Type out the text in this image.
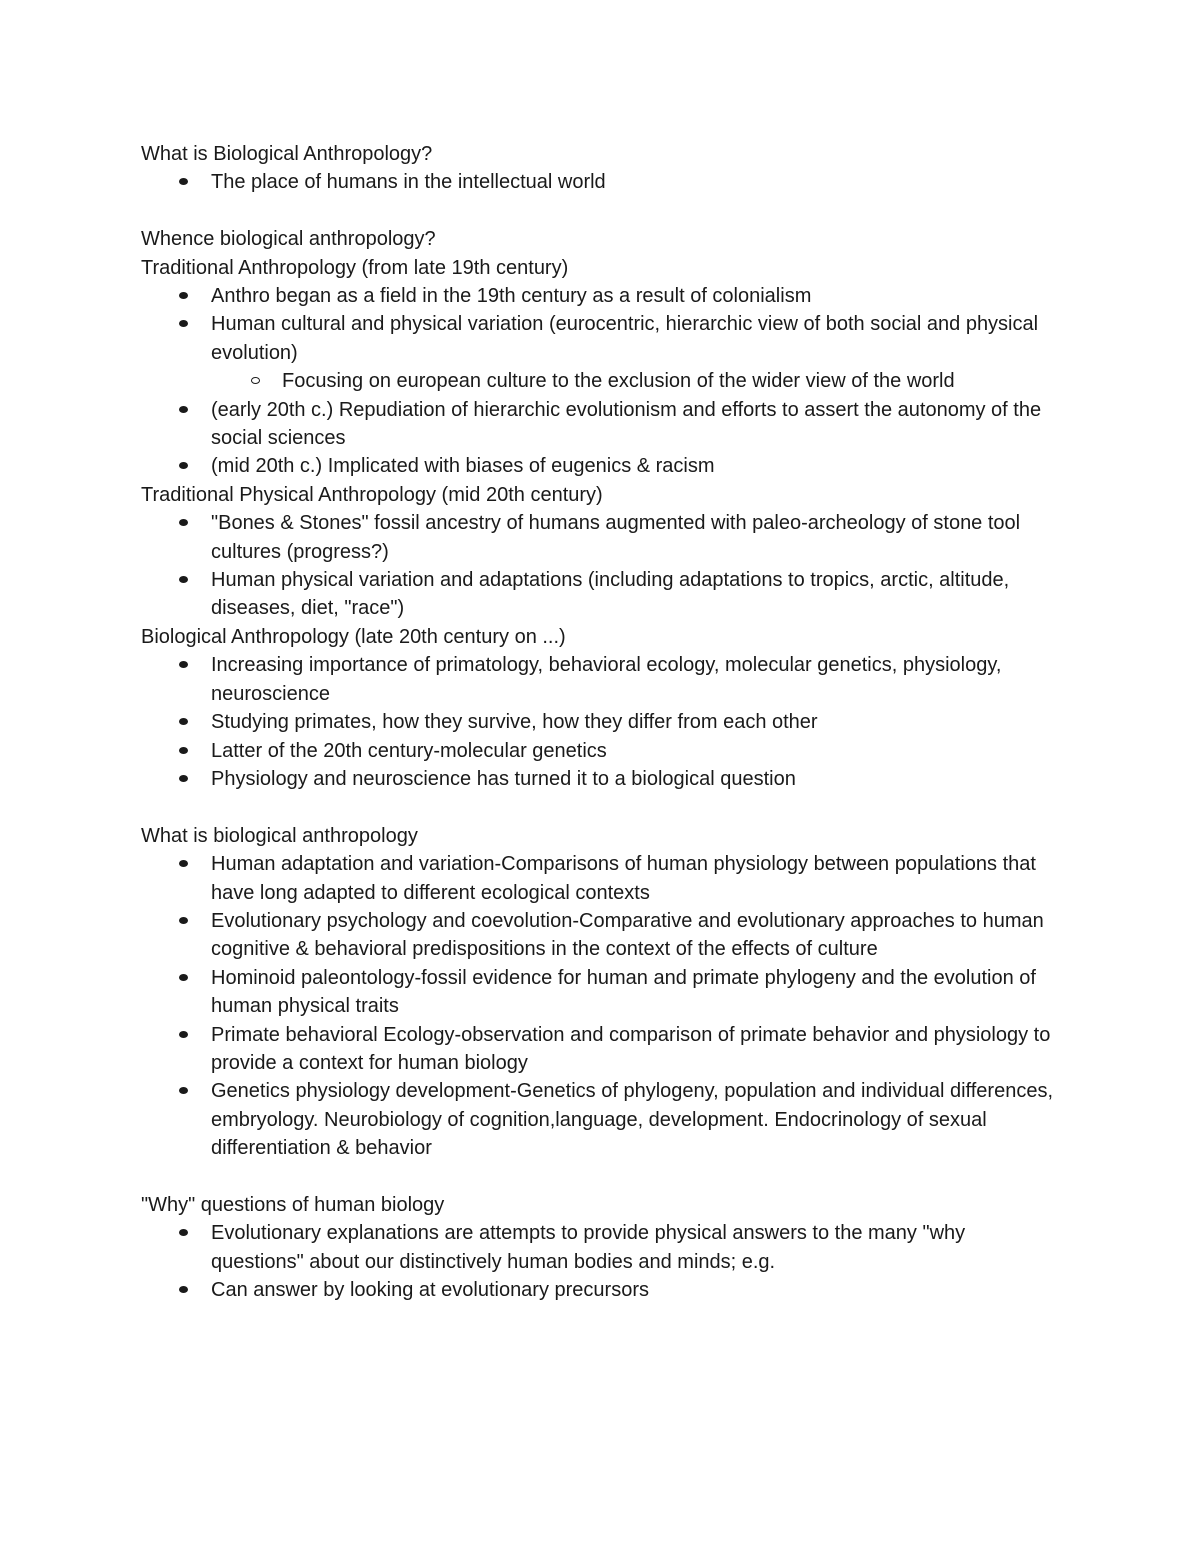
What is Biological Anthropology?
The place of humans in the intellectual world
Whence biological anthropology?
Traditional Anthropology (from late 19th century)
Anthro began as a field in the 19th century as a result of colonialism
Human cultural and physical variation (eurocentric, hierarchic view of both social and physical evolution)
Focusing on european culture to the exclusion of the wider view of the world
(early 20th c.) Repudiation of hierarchic evolutionism and efforts to assert the autonomy of the social sciences
(mid 20th c.) Implicated with biases of eugenics & racism
Traditional Physical Anthropology (mid 20th century)
"Bones & Stones" fossil ancestry of humans augmented with paleo-archeology of stone tool cultures (progress?)
Human physical variation and adaptations (including adaptations to tropics, arctic, altitude, diseases, diet, "race")
Biological Anthropology (late 20th century on ...)
Increasing importance of primatology, behavioral ecology, molecular genetics, physiology, neuroscience
Studying primates, how they survive, how they differ from each other
Latter of the 20th century-molecular genetics
Physiology and neuroscience has turned it to a biological question
What is biological anthropology
Human adaptation and variation-Comparisons of human physiology between populations that have long adapted to different ecological contexts
Evolutionary psychology and coevolution-Comparative and evolutionary approaches to human cognitive & behavioral predispositions in the context of the effects of culture
Hominoid paleontology-fossil evidence for human and primate phylogeny and the evolution of human physical traits
Primate behavioral Ecology-observation and comparison of primate behavior and physiology to provide a context for human biology
Genetics physiology development-Genetics of phylogeny, population and individual differences, embryology. Neurobiology of cognition,language, development. Endocrinology of sexual differentiation & behavior
"Why" questions of human biology
Evolutionary explanations are attempts to provide physical answers to the many "why questions" about our distinctively human bodies and minds; e.g.
Can answer by looking at evolutionary precursors
